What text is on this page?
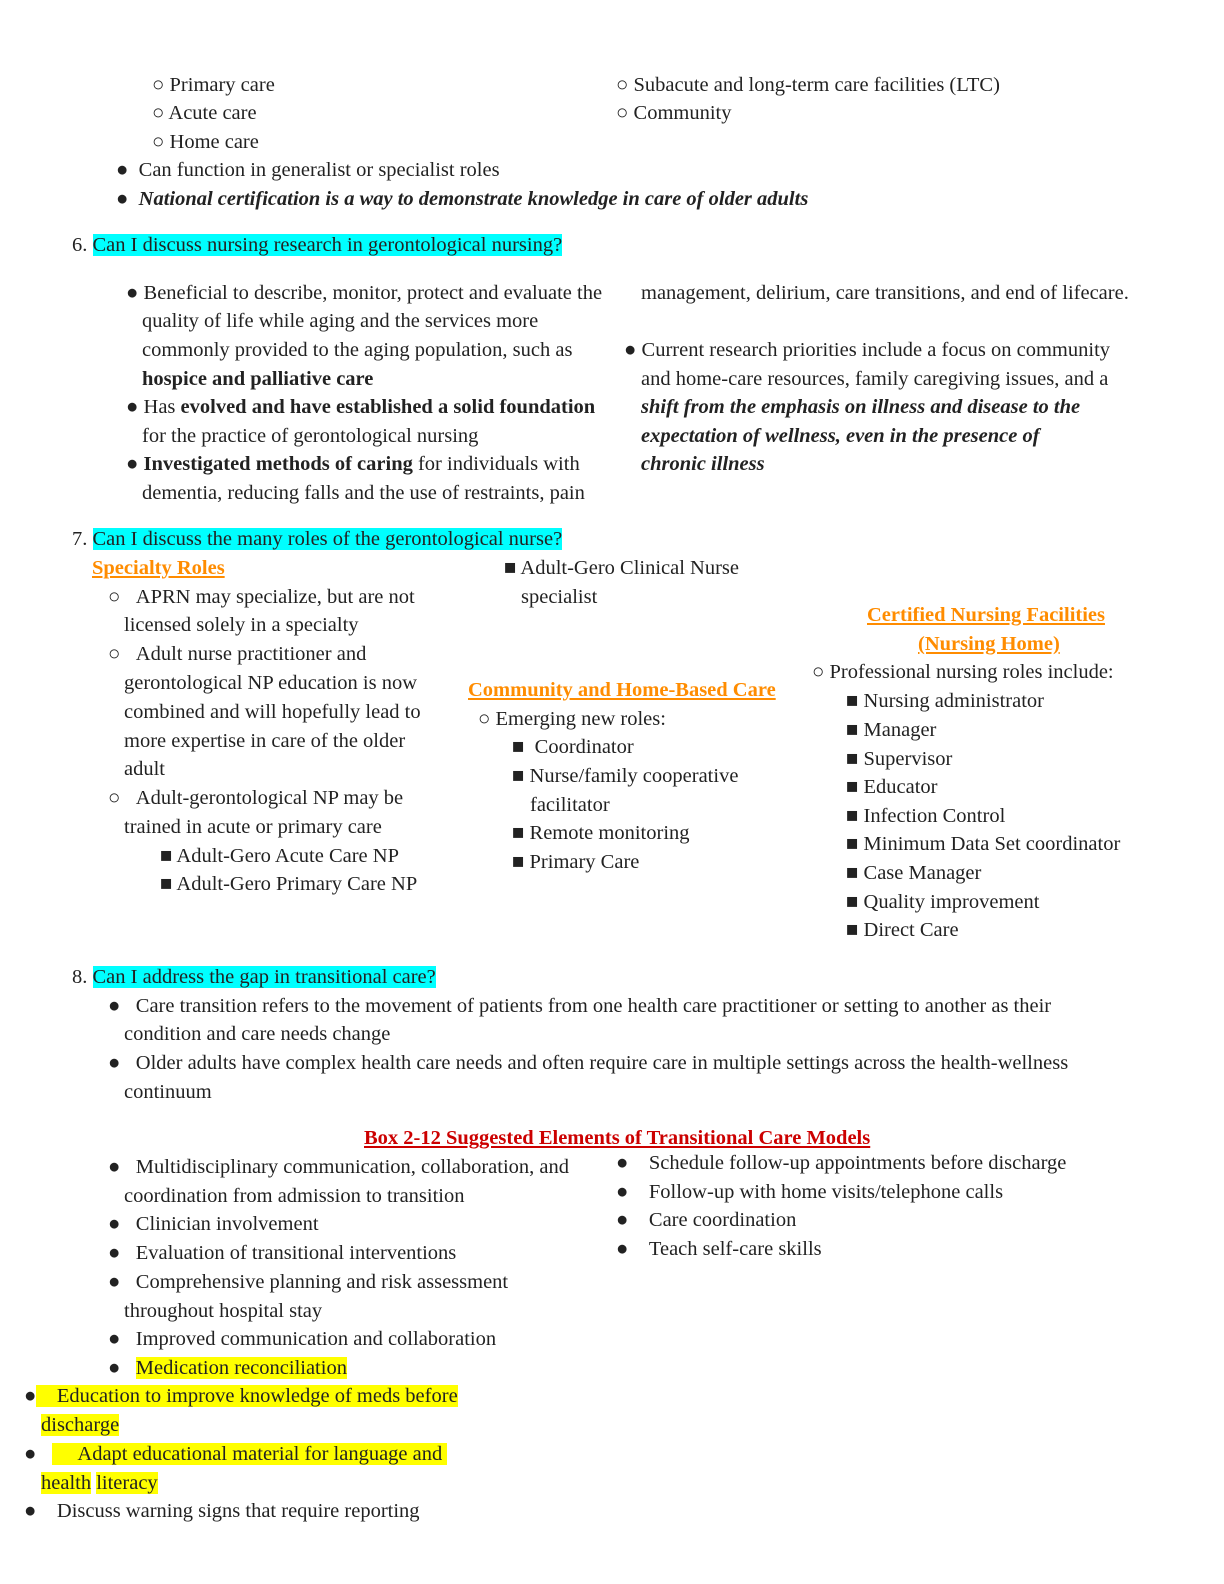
○ Primary care
○ Acute care
○ Home care
○ Subacute and long-term care facilities (LTC)
○ Community
● Can function in generalist or specialist roles
● National certification is a way to demonstrate knowledge in care of older adults
6. Can I discuss nursing research in gerontological nursing?
● Beneficial to describe, monitor, protect and evaluate the
quality of life while aging and the services more
commonly provided to the aging population, such as
hospice and palliative care
● Has evolved and have established a solid foundation
for the practice of gerontological nursing
● Investigated methods of caring for individuals with
dementia, reducing falls and the use of restraints, pain
management, delirium, care transitions, and end of lifecare.
● Current research priorities include a focus on community
and home-care resources, family caregiving issues, and a
shift from the emphasis on illness and disease to the
expectation of wellness, even in the presence of
chronic illness
7. Can I discuss the many roles of the gerontological nurse?
Specialty Roles
○ APRN may specialize, but are not
licensed solely in a specialty
○ Adult nurse practitioner and
gerontological NP education is now
combined and will hopefully lead to
more expertise in care of the older
adult
○ Adult-gerontological NP may be
trained in acute or primary care
■ Adult-Gero Acute Care NP
■ Adult-Gero Primary Care NP
■ Adult-Gero Clinical Nurse
specialist
Community and Home-Based Care
○ Emerging new roles:
■ Coordinator
■ Nurse/family cooperative
facilitator
■ Remote monitoring
■ Primary Care
Certified Nursing Facilities
(Nursing Home)
○ Professional nursing roles include:
■ Nursing administrator
■ Manager
■ Supervisor
■ Educator
■ Infection Control
■ Minimum Data Set coordinator
■ Case Manager
■ Quality improvement
■ Direct Care
8. Can I address the gap in transitional care?
● Care transition refers to the movement of patients from one health care practitioner or setting to another as their
condition and care needs change
● Older adults have complex health care needs and often require care in multiple settings across the health-wellness
continuum
Box 2-12 Suggested Elements of Transitional Care Models
● Multidisciplinary communication, collaboration, and
coordination from admission to transition
● Clinician involvement
● Evaluation of transitional interventions
● Comprehensive planning and risk assessment
throughout hospital stay
● Improved communication and collaboration
● Medication reconciliation
● Education to improve knowledge of meds before
discharge
● Adapt educational material for language and
health literacy
● Discuss warning signs that require reporting
● Schedule follow-up appointments before discharge
● Follow-up with home visits/telephone calls
● Care coordination
● Teach self-care skills
